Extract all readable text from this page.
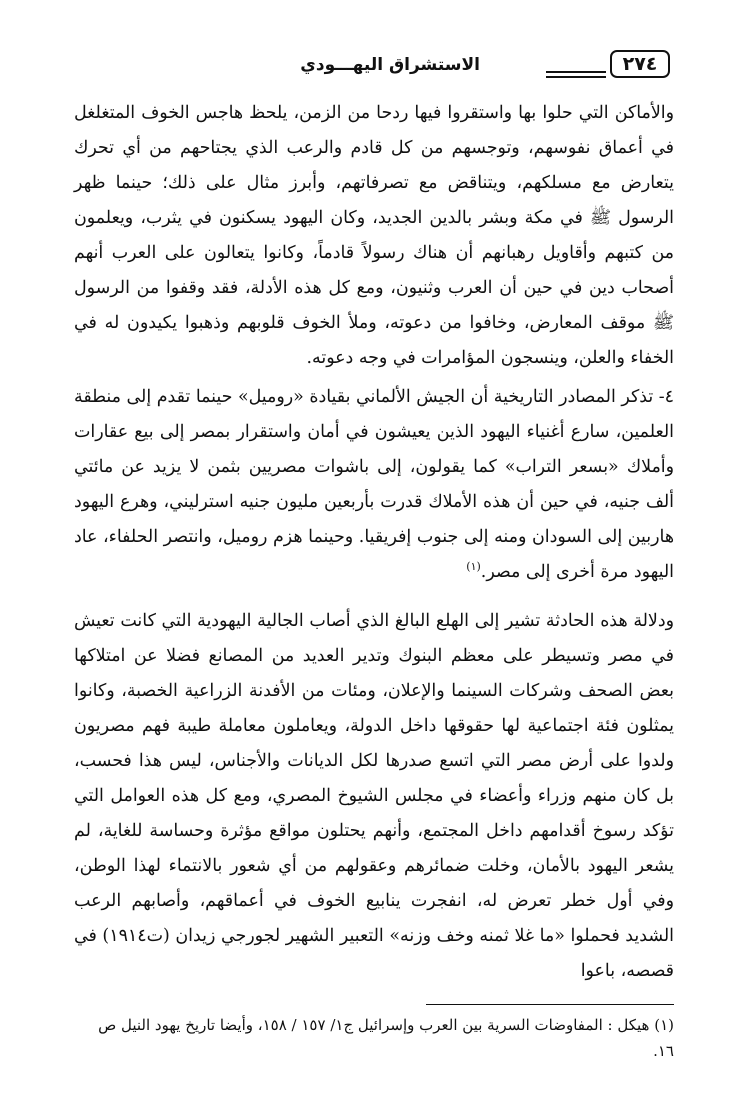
٢٧٤
الاستشراق اليهـــودي

والأماكن التي حلوا بها واستقروا فيها ردحا من الزمن، يلحظ هاجس الخوف المتغلغل في أعماق نفوسهم، وتوجسهم من كل قادم والرعب الذي يجتاحهم من أي تحرك يتعارض مع مسلكهم، ويتناقض مع تصرفاتهم، وأبرز مثال على ذلك؛ حينما ظهر الرسول ﷺ في مكة وبشر بالدين الجديد، وكان اليهود يسكنون في يثرب، ويعلمون من كتبهم وأقاويل رهبانهم أن هناك رسولاً قادماً، وكانوا يتعالون على العرب أنهم أصحاب دين في حين أن العرب وثنيون، ومع كل هذه الأدلة، فقد وقفوا من الرسول ﷺ موقف المعارض، وخافوا من دعوته، وملأ الخوف قلوبهم وذهبوا يكيدون له في الخفاء والعلن، وينسجون المؤامرات في وجه دعوته.

٤- تذكر المصادر التاريخية أن الجيش الألماني بقيادة «روميل» حينما تقدم إلى منطقة العلمين، سارع أغنياء اليهود الذين يعيشون في أمان واستقرار بمصر إلى بيع عقارات وأملاك «بسعر التراب» كما يقولون، إلى باشوات مصريين بثمن لا يزيد عن مائتي ألف جنيه، في حين أن هذه الأملاك قدرت بأربعين مليون جنيه استرليني، وهرع اليهود هاربين إلى السودان ومنه إلى جنوب إفريقيا. وحينما هزم روميل، وانتصر الحلفاء، عاد اليهود مرة أخرى إلى مصر.$^{(١)}$

ودلالة هذه الحادثة تشير إلى الهلع البالغ الذي أصاب الجالية اليهودية التي كانت تعيش في مصر وتسيطر على معظم البنوك وتدير العديد من المصانع فضلا عن امتلاكها بعض الصحف وشركات السينما والإعلان، ومئات من الأفدنة الزراعية الخصبة، وكانوا يمثلون فئة اجتماعية لها حقوقها داخل الدولة، ويعاملون معاملة طيبة فهم مصريون ولدوا على أرض مصر التي اتسع صدرها لكل الديانات والأجناس، ليس هذا فحسب، بل كان منهم وزراء وأعضاء في مجلس الشيوخ المصري، ومع كل هذه العوامل التي تؤكد رسوخ أقدامهم داخل المجتمع، وأنهم يحتلون مواقع مؤثرة وحساسة للغاية، لم يشعر اليهود بالأمان، وخلت ضمائرهم وعقولهم من أي شعور بالانتماء لهذا الوطن، وفي أول خطر تعرض له، انفجرت ينابيع الخوف في أعماقهم، وأصابهم الرعب الشديد فحملوا «ما غلا ثمنه وخف وزنه» التعبير الشهير لجورجي زيدان (ت١٩١٤) في قصصه، باعوا

(١) هيكل : المفاوضات السرية بين العرب وإسرائيل ج١/ ١٥٧ / ١٥٨، وأيضا تاريخ يهود النيل ص ١٦.
